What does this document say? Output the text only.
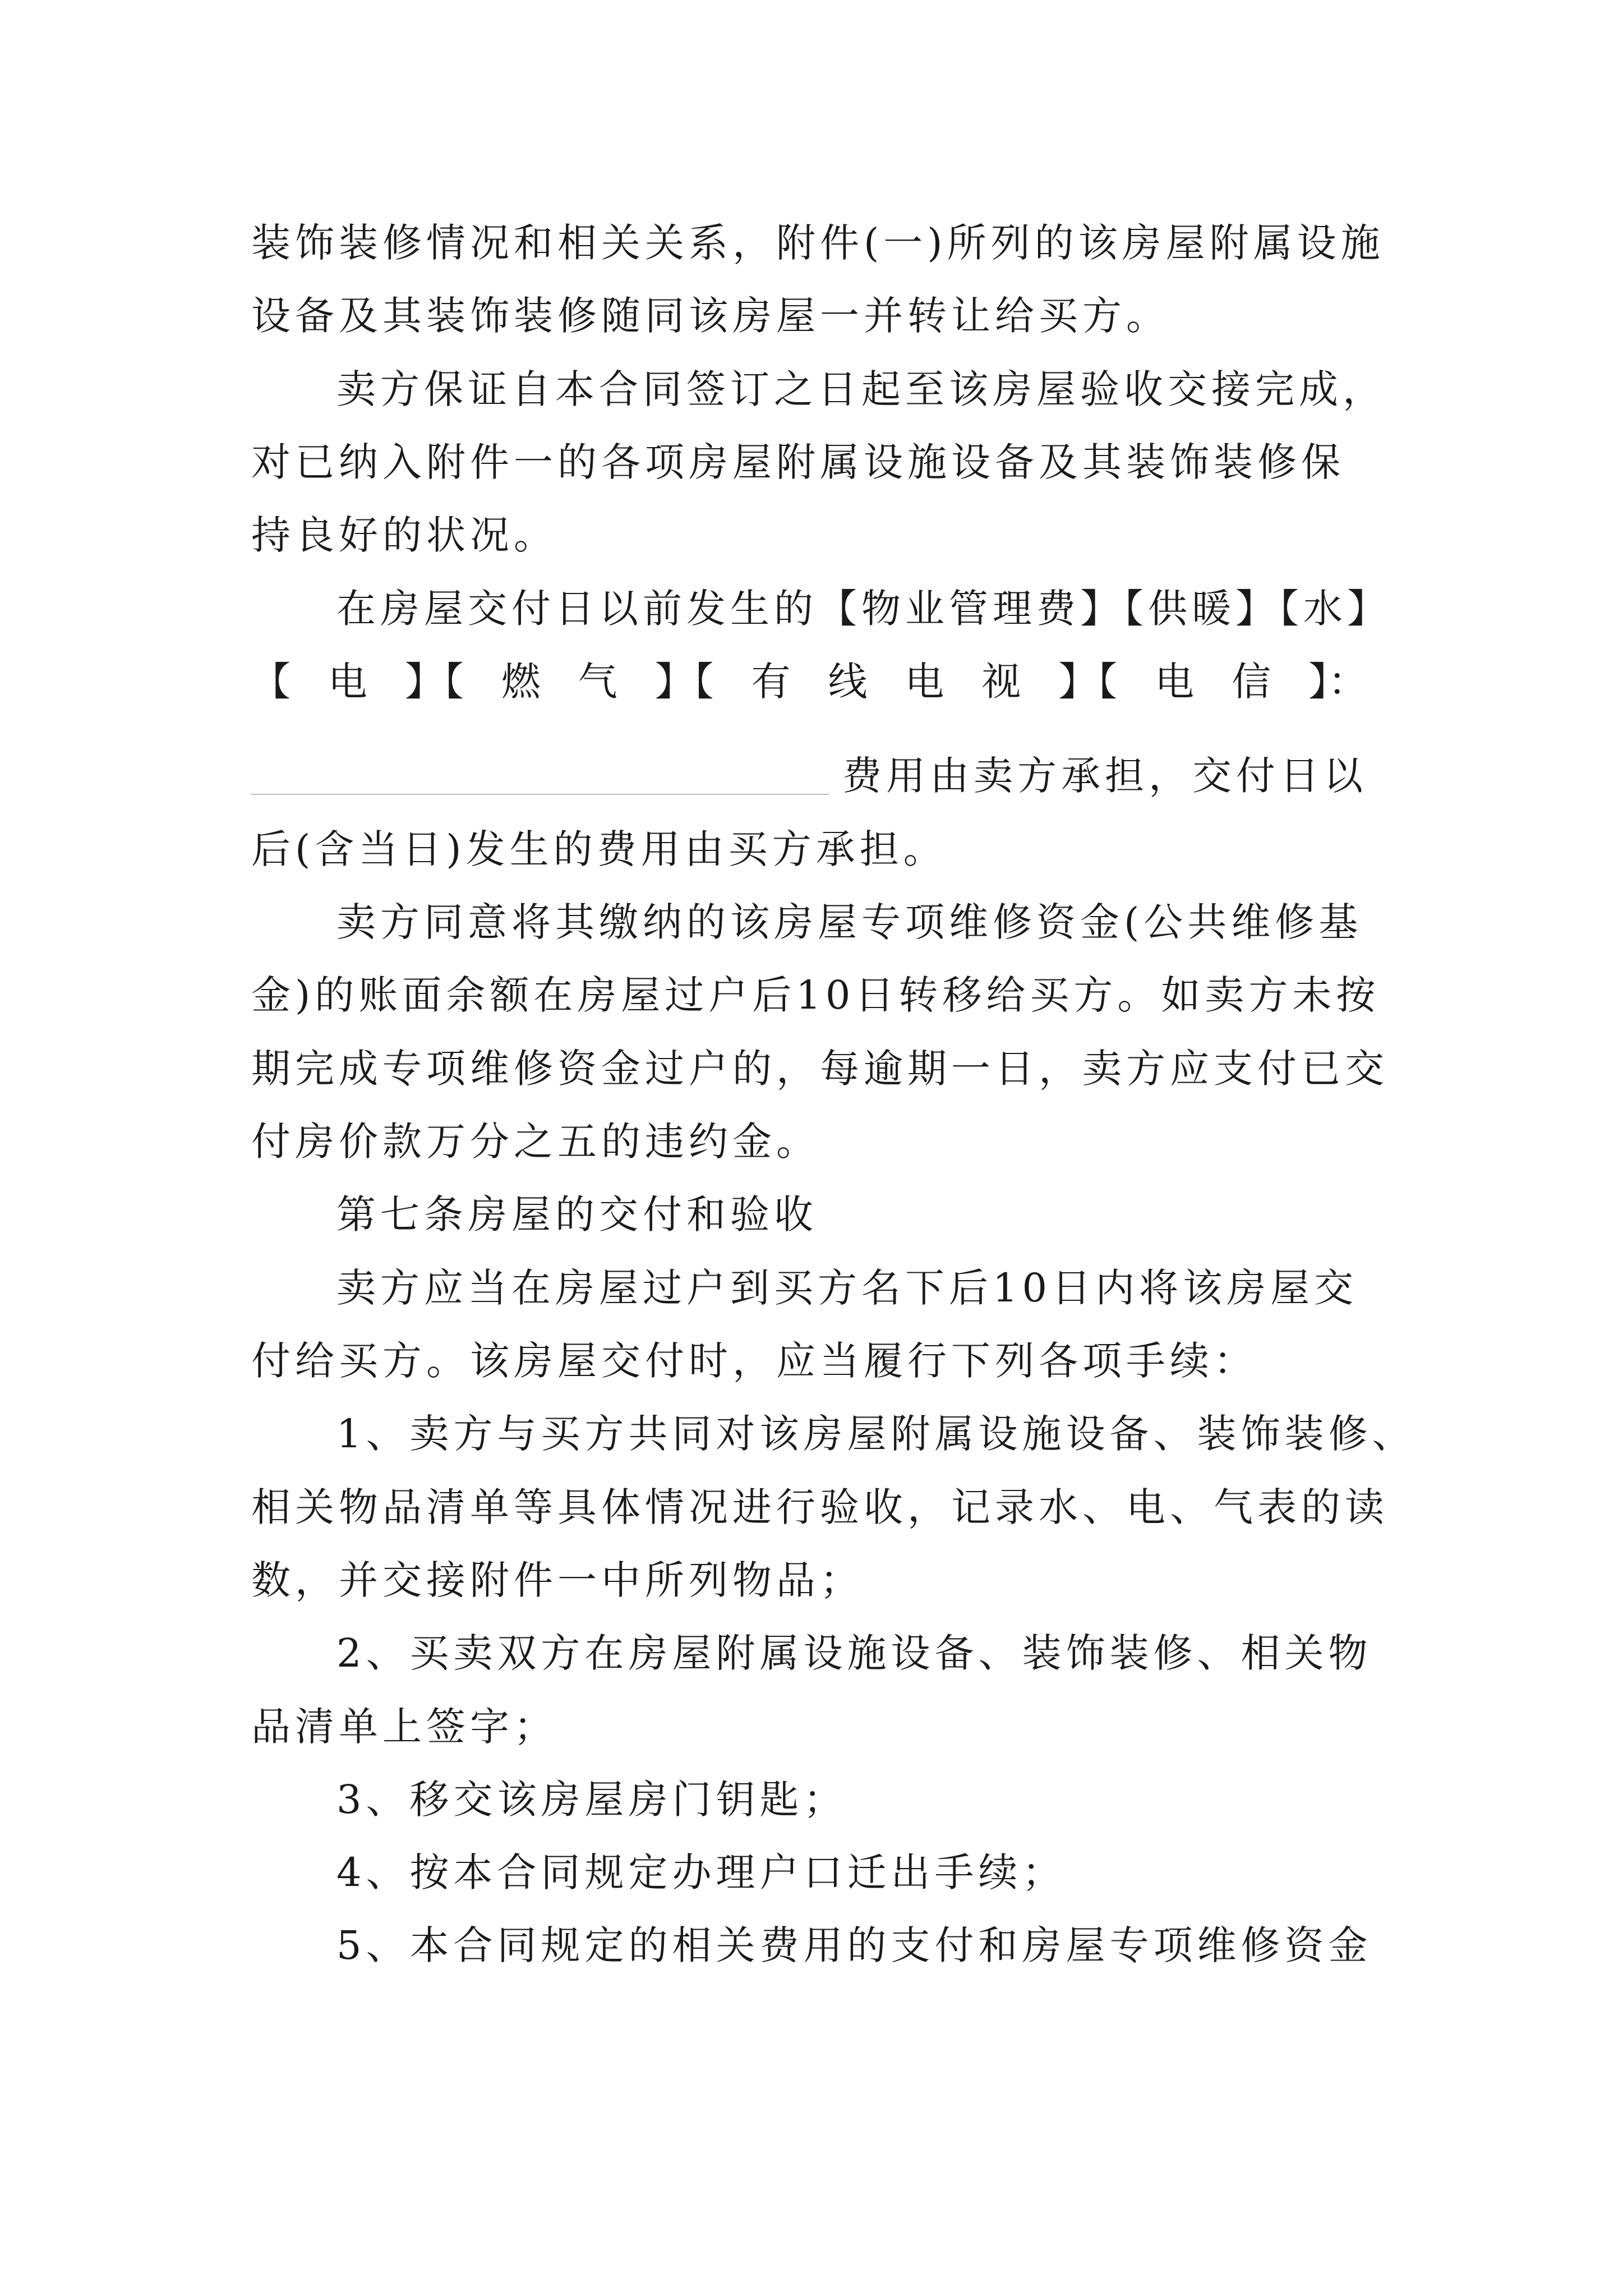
装饰装修情况和相关关系，附件(一)所列的该房屋附属设施
设备及其装饰装修随同该房屋一并转让给买方。
卖方保证自本合同签订之日起至该房屋验收交接完成，
对已纳入附件一的各项房屋附属设施设备及其装饰装修保
持良好的状况。
在房屋交付日以前发生的【物业管理费】【供暖】【水】
【 电 】【 燃 气 】【 有 线 电 视 】【 电 信 】：
费用由卖方承担，交付日以
后(含当日)发生的费用由买方承担。
卖方同意将其缴纳的该房屋专项维修资金(公共维修基
金)的账面余额在房屋过户后10日转移给买方。如卖方未按
期完成专项维修资金过户的，每逾期一日，卖方应支付已交
付房价款万分之五的违约金。
第七条房屋的交付和验收
卖方应当在房屋过户到买方名下后10日内将该房屋交
付给买方。该房屋交付时，应当履行下列各项手续：
1、卖方与买方共同对该房屋附属设施设备、装饰装修、
相关物品清单等具体情况进行验收，记录水、电、气表的读
数，并交接附件一中所列物品；
2、买卖双方在房屋附属设施设备、装饰装修、相关物
品清单上签字；
3、移交该房屋房门钥匙；
4、按本合同规定办理户口迁出手续；
5、本合同规定的相关费用的支付和房屋专项维修资金
